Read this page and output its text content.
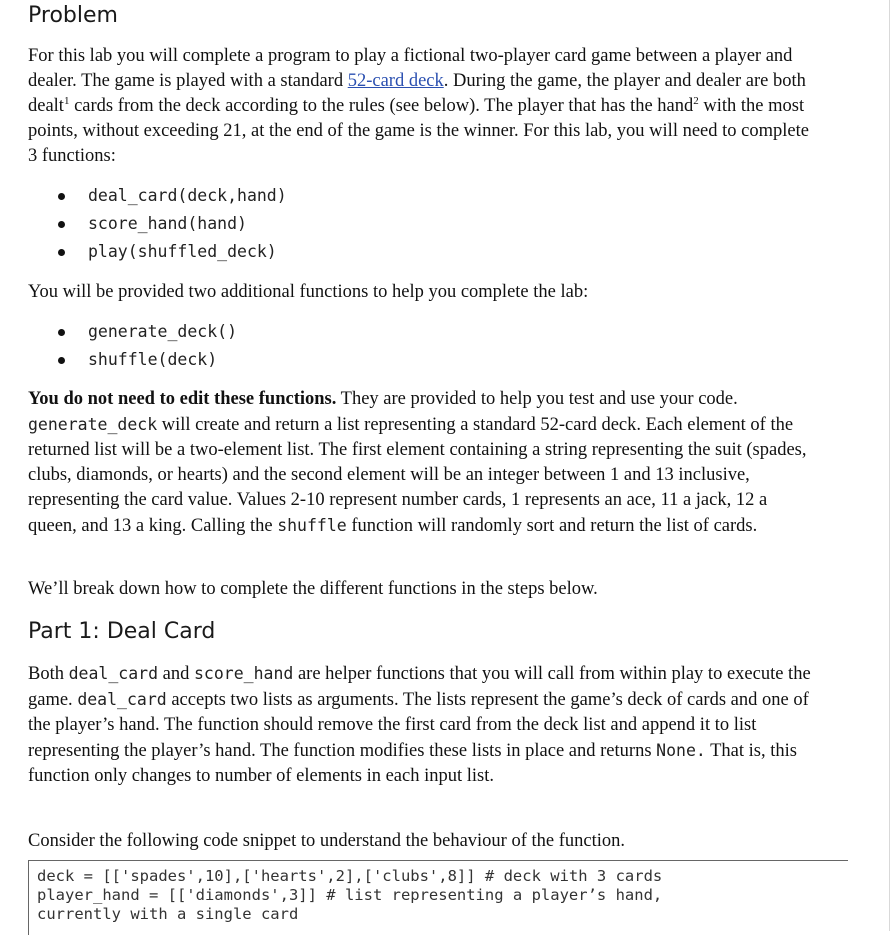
Problem

For this lab you will complete a program to play a fictional two-player card game between a player and dealer. The game is played with a standard 52-card deck. During the game, the player and dealer are both dealt$^1$ cards from the deck according to the rules (see below). The player that has the hand$^2$ with the most points, without exceeding 21, at the end of the game is the winner. For this lab, you will need to complete 3 functions:

deal_card(deck,hand)
score_hand(hand)
play(shuffled_deck)

You will be provided two additional functions to help you complete the lab:

generate_deck()
shuffle(deck)

You do not need to edit these functions. They are provided to help you test and use your code. generate_deck will create and return a list representing a standard 52-card deck. Each element of the returned list will be a two-element list. The first element containing a string representing the suit (spades, clubs, diamonds, or hearts) and the second element will be an integer between 1 and 13 inclusive, representing the card value. Values 2-10 represent number cards, 1 represents an ace, 11 a jack, 12 a queen, and 13 a king. Calling the shuffle function will randomly sort and return the list of cards.

We’ll break down how to complete the different functions in the steps below.

Part 1: Deal Card

Both deal_card and score_hand are helper functions that you will call from within play to execute the game. deal_card accepts two lists as arguments. The lists represent the game’s deck of cards and one of the player’s hand. The function should remove the first card from the deck list and append it to list representing the player’s hand. The function modifies these lists in place and returns None. That is, this function only changes to number of elements in each input list.

Consider the following code snippet to understand the behaviour of the function.

deck = [['spades',10],['hearts',2],['clubs',8]] # deck with 3 cards
player_hand = [['diamonds',3]] # list representing a player’s hand,
currently with a single card
